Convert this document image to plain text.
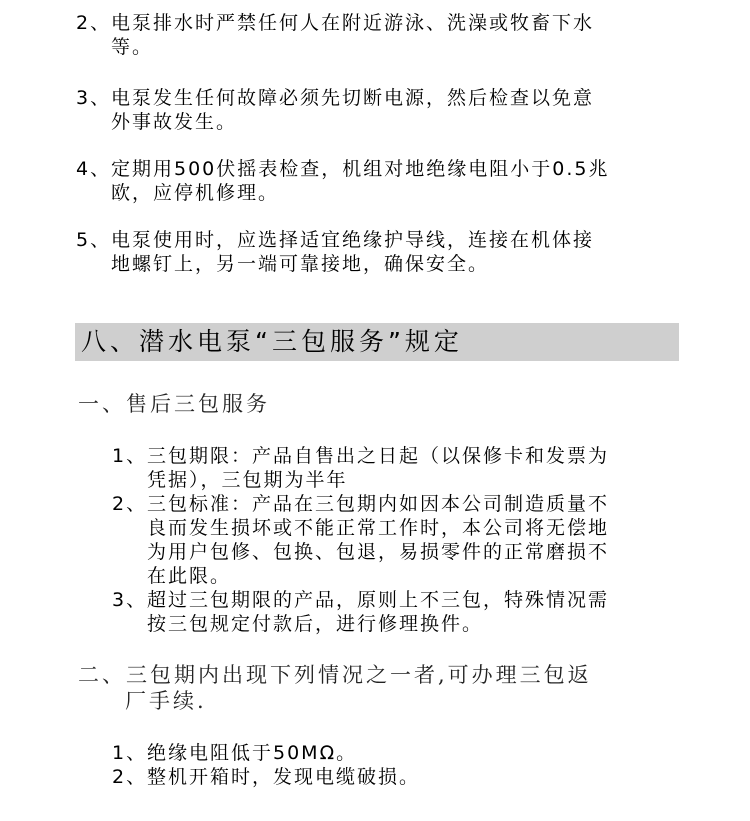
2、 电泵排水时严禁任何人在附近游泳、洗澡或牧畜下水
等。
3、 电泵发生任何故障必须先切断电源，然后检查以免意
外事故发生。
4、 定期用500伏摇表检查，机组对地绝缘电阻小于0.5兆
欧，应停机修理。
5、 电泵使用时，应选择适宜绝缘护导线，连接在机体接
地螺钉上，另一端可靠接地，确保安全。
八、潜水电泵“三包服务”规定
一、售后三包服务
1、 三包期限：产品自售出之日起（以保修卡和发票为
凭据），三包期为半年
2、 三包标准：产品在三包期内如因本公司制造质量不
良而发生损坏或不能正常工作时，本公司将无偿地
为用户包修、包换、包退，易损零件的正常磨损不
在此限。
3、 超过三包期限的产品，原则上不三包，特殊情况需
按三包规定付款后，进行修理换件。
二、三包期内出现下列情况之一者,可办理三包返
厂手续.
1、 绝缘电阻低于50MΩ。
2、 整机开箱时，发现电缆破损。
